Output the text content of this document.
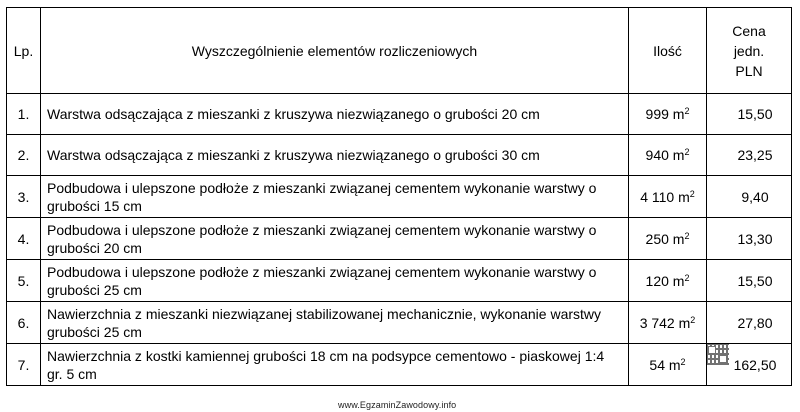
Lp.	Wyszczególnienie elementów rozliczeniowych	Ilość	Cena
jedn.
PLN
1.	Warstwa odsączająca z mieszanki z kruszywa niezwiązanego o grubości 20 cm	999 $m^2$	15,50
2.	Warstwa odsączająca z mieszanki z kruszywa niezwiązanego o grubości 30 cm	940 $m^2$	23,25
3.	Podbudowa i ulepszone podłoże z mieszanki związanej cementem wykonanie warstwy o grubości 15 cm	4 110 $m^2$	9,40
4.	Podbudowa i ulepszone podłoże z mieszanki związanej cementem wykonanie warstwy o grubości 20 cm	250 $m^2$	13,30
5.	Podbudowa i ulepszone podłoże z mieszanki związanej cementem wykonanie warstwy o grubości 25 cm	120 $m^2$	15,50
6.	Nawierzchnia z mieszanki niezwiązanej stabilizowanej mechanicznie, wykonanie warstwy grubości 25 cm	3 742 $m^2$	27,80
7.	Nawierzchnia z kostki kamiennej grubości 18 cm na podsypce cementowo - piaskowej 1:4 gr. 5 cm	54 $m^2$	162,50
www.EgzaminZawodowy.info
